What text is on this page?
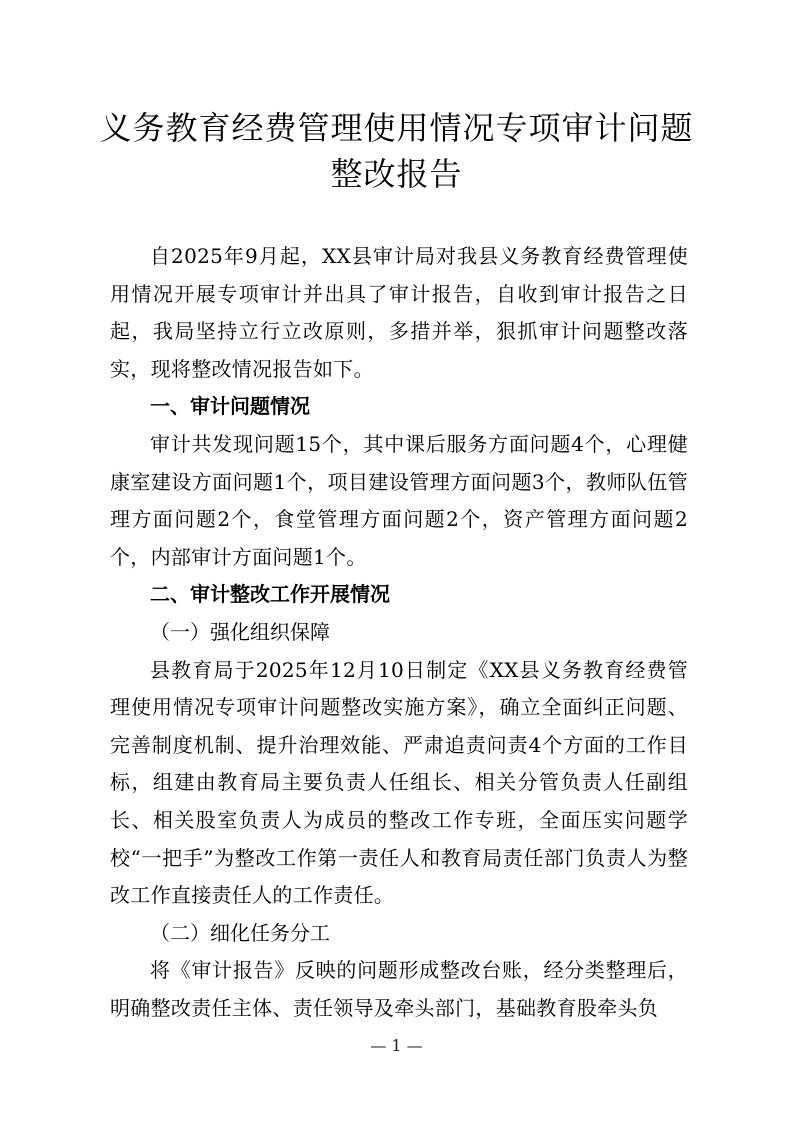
义务教育经费管理使用情况专项审计问题
整改报告

自2025年9月起，XX县审计局对我县义务教育经费管理使用情况开展专项审计并出具了审计报告，自收到审计报告之日起，我局坚持立行立改原则，多措并举，狠抓审计问题整改落实，现将整改情况报告如下。

一、审计问题情况

审计共发现问题15个，其中课后服务方面问题4个，心理健康室建设方面问题1个，项目建设管理方面问题3个，教师队伍管理方面问题2个，食堂管理方面问题2个，资产管理方面问题2个，内部审计方面问题1个。

二、审计整改工作开展情况

（一）强化组织保障

县教育局于2025年12月10日制定《XX县义务教育经费管理使用情况专项审计问题整改实施方案》，确立全面纠正问题、完善制度机制、提升治理效能、严肃追责问责4个方面的工作目标，组建由教育局主要负责人任组长、相关分管负责人任副组长、相关股室负责人为成员的整改工作专班，全面压实问题学校“一把手”为整改工作第一责任人和教育局责任部门负责人为整改工作直接责任人的工作责任。

（二）细化任务分工

将《审计报告》反映的问题形成整改台账，经分类整理后，明确整改责任主体、责任领导及牵头部门，基础教育股牵头负

— 1 —
